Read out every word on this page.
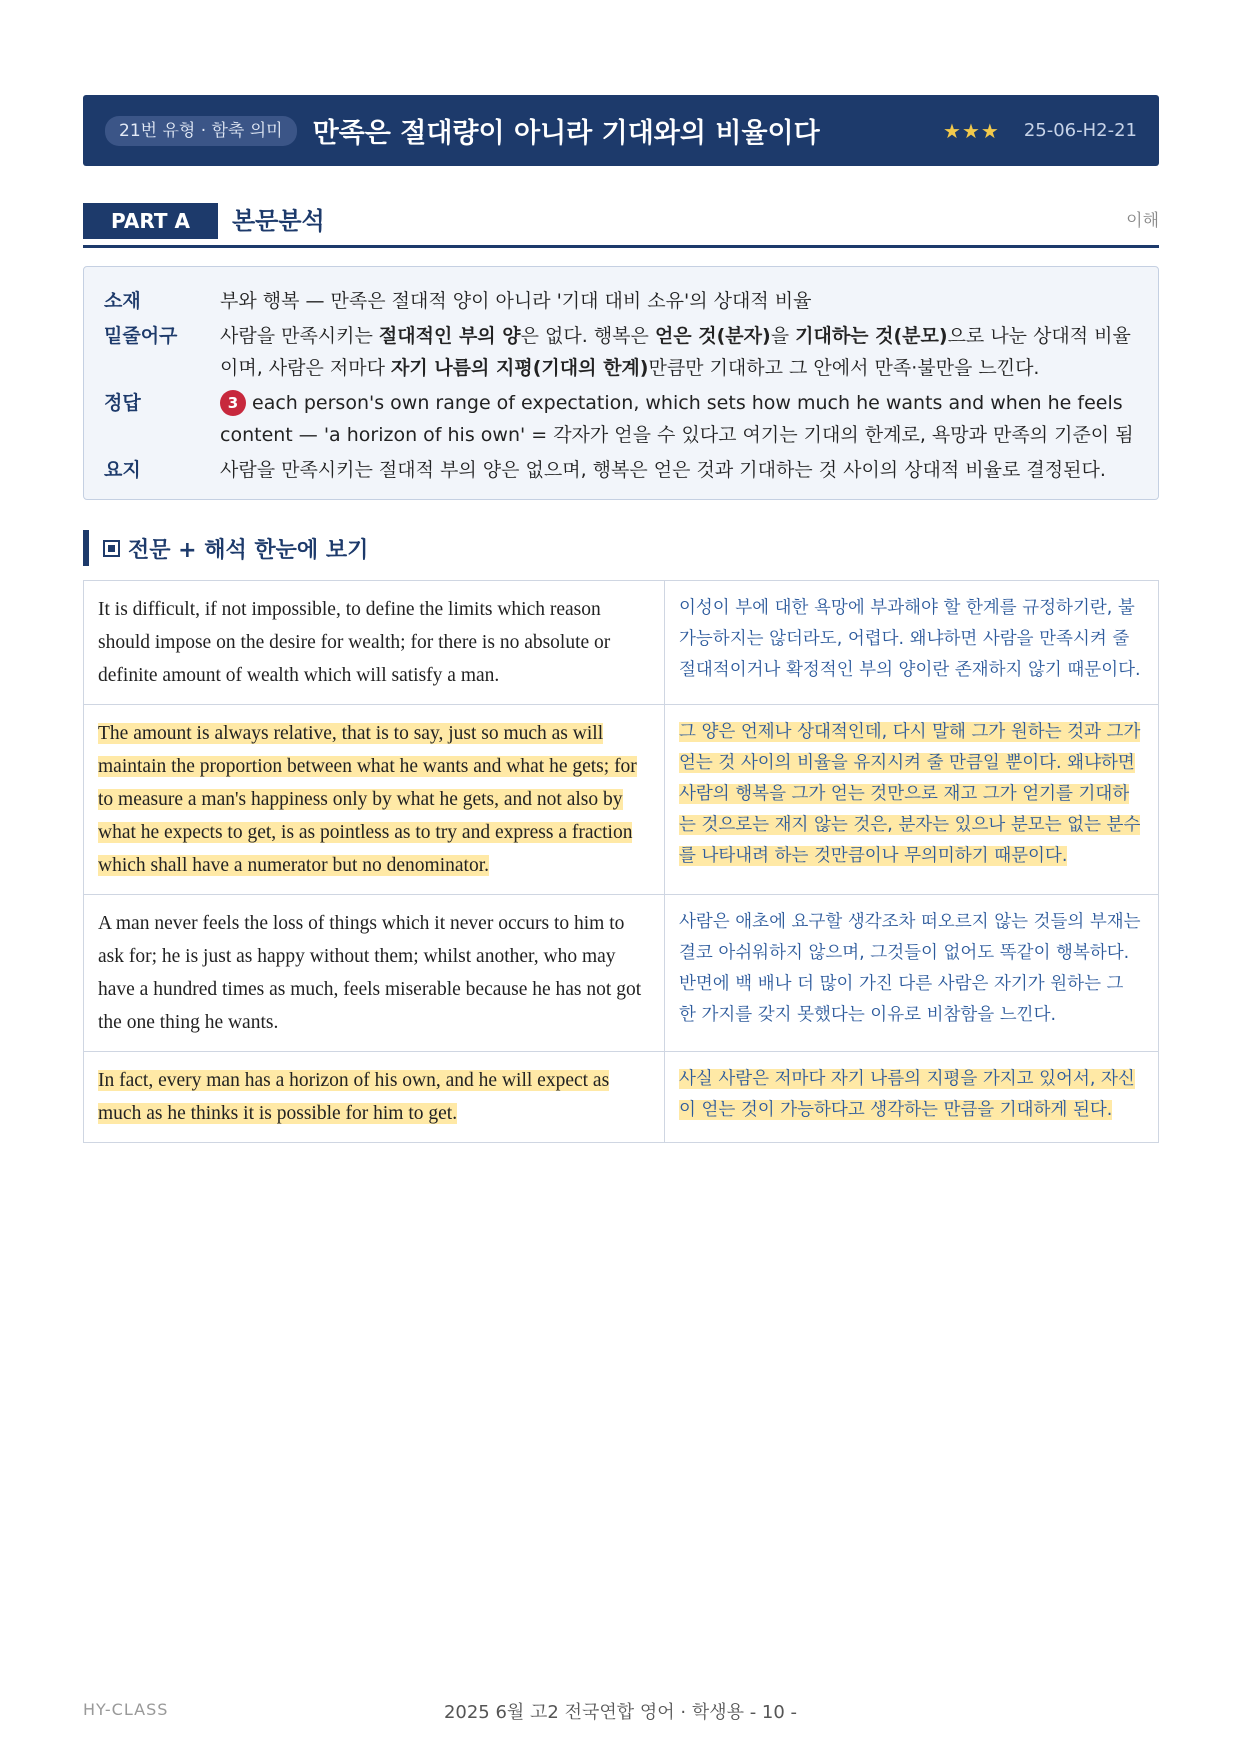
21번 유형 · 함축 의미	만족은 절대량이 아니라 기대와의 비율이다	★★★ 25-06-H2-21
PART A	본문분석	이해
소재	부와 행복 — 만족은 절대적 양이 아니라 '기대 대비 소유'의 상대적 비율
밑줄어구	사람을 만족시키는 절대적인 부의 양은 없다. 행복은 얻은 것(분자)을 기대하는 것(분모)으로 나눈 상대적 비율이며, 사람은 저마다 자기 나름의 지평(기대의 한계)만큼만 기대하고 그 안에서 만족·불만을 느낀다.
정답	3 each person's own range of expectation, which sets how much he wants and when he feels content — 'a horizon of his own' = 각자가 얻을 수 있다고 여기는 기대의 한계로, 욕망과 만족의 기준이 됨
요지	사람을 만족시키는 절대적 부의 양은 없으며, 행복은 얻은 것과 기대하는 것 사이의 상대적 비율로 결정된다.
전문 + 해석 한눈에 보기
It is difficult, if not impossible, to define the limits which reason should impose on the desire for wealth; for there is no absolute or definite amount of wealth which will satisfy a man.	이성이 부에 대한 욕망에 부과해야 할 한계를 규정하기란, 불가능하지는 않더라도, 어렵다. 왜냐하면 사람을 만족시켜 줄 절대적이거나 확정적인 부의 양이란 존재하지 않기 때문이다.
The amount is always relative, that is to say, just so much as will maintain the proportion between what he wants and what he gets; for to measure a man's happiness only by what he gets, and not also by what he expects to get, is as pointless as to try and express a fraction which shall have a numerator but no denominator.	그 양은 언제나 상대적인데, 다시 말해 그가 원하는 것과 그가 얻는 것 사이의 비율을 유지시켜 줄 만큼일 뿐이다. 왜냐하면 사람의 행복을 그가 얻는 것만으로 재고 그가 얻기를 기대하는 것으로는 재지 않는 것은, 분자는 있으나 분모는 없는 분수를 나타내려 하는 것만큼이나 무의미하기 때문이다.
A man never feels the loss of things which it never occurs to him to ask for; he is just as happy without them; whilst another, who may have a hundred times as much, feels miserable because he has not got the one thing he wants.	사람은 애초에 요구할 생각조차 떠오르지 않는 것들의 부재는 결코 아쉬워하지 않으며, 그것들이 없어도 똑같이 행복하다. 반면에 백 배나 더 많이 가진 다른 사람은 자기가 원하는 그 한 가지를 갖지 못했다는 이유로 비참함을 느낀다.
In fact, every man has a horizon of his own, and he will expect as much as he thinks it is possible for him to get.	사실 사람은 저마다 자기 나름의 지평을 가지고 있어서, 자신이 얻는 것이 가능하다고 생각하는 만큼을 기대하게 된다.
HY-CLASS	2025 6월 고2 전국연합 영어 · 학생용 - 10 -
